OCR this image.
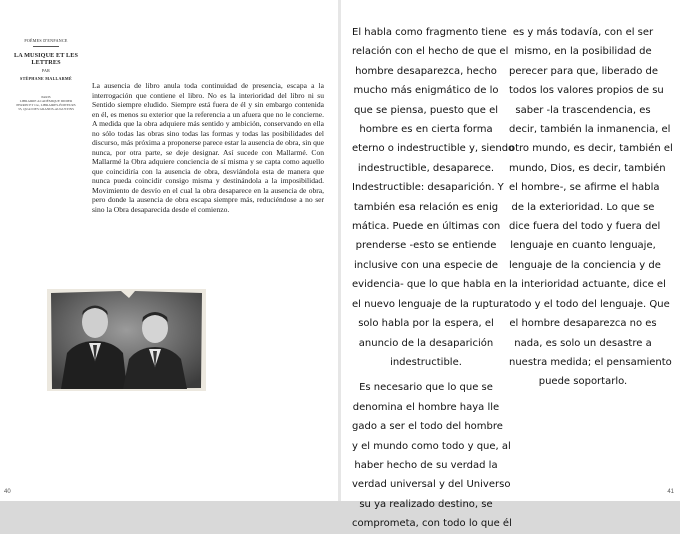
POÈMES D'ENFANCE
LA MUSIQUE ET LES LETTRES
PAR
STÉPHANE MALLARMÉ
PARIS
LIBRAIRIE ACADÉMIQUE DIDIER
PERRIN ET Cie, LIBRAIRES-ÉDITEURS
35, QUAI DES GRANDS-AUGUSTINS

La ausencia de libro anula toda continuidad de presencia, escapa a la interrogación que contiene el libro. No es la interioridad del libro ni su Sentido siempre eludido. Siempre está fuera de él y sin embargo contenida en él, es menos su exterior que la referencia a un afuera que no le concierne. A medida que la obra adquiere más sentido y ambición, conservando en ella no sólo todas las obras sino todas las formas y todas las posibilidades del discurso, más próxima a proponerse parece estar la ausencia de obra, sin que nunca, por otra parte, se deje designar. Así sucede con Mallarmé. Con Mallarmé la Obra adquiere conciencia de sí misma y se capta como aquello que coincidiría con la ausencia de obra, desviándola esta de manera que nunca pueda coincidir consigo misma y destinándola a la imposibilidad. Movimiento de desvío en el cual la obra desaparece en la ausencia de obra, pero donde la ausencia de obra escapa siempre más, reduciéndose a no ser sino la Obra desaparecida desde el comienzo.

40

El habla como fragmento tiene
relación con el hecho de que el
hombre desaparezca, hecho
mucho más enigmático de lo
que se piensa, puesto que el
hombre es en cierta forma
eterno o indestructible y, siendo
indestructible, desaparece.
Indestructible: desaparición. Y
también esa relación es enig
mática. Puede en últimas con
prenderse -esto se entiende
inclusive con una especie de
evidencia- que lo que habla en
el nuevo lenguaje de la ruptura
solo habla por la espera, el
anuncio de la desaparición
indestructible.

Es necesario que lo que se
denomina el hombre haya lle
gado a ser el todo del hombre
y el mundo como todo y que, al
haber hecho de su verdad la
verdad universal y del Universo
su ya realizado destino, se
comprometa, con todo lo que él

es y más todavía, con el ser
mismo, en la posibilidad de
perecer para que, liberado de
todos los valores propios de su
saber -la trascendencia, es
decir, también la inmanencia, el
otro mundo, es decir, también el
mundo, Dios, es decir, también
el hombre-, se afirme el habla
de la exterioridad. Lo que se
dice fuera del todo y fuera del
lenguaje en cuanto lenguaje,
lenguaje de la conciencia y de
la interioridad actuante, dice el
todo y el todo del lenguaje. Que
el hombre desaparezca no es
nada, es solo un desastre a
nuestra medida; el pensamiento
puede soportarlo.

41
